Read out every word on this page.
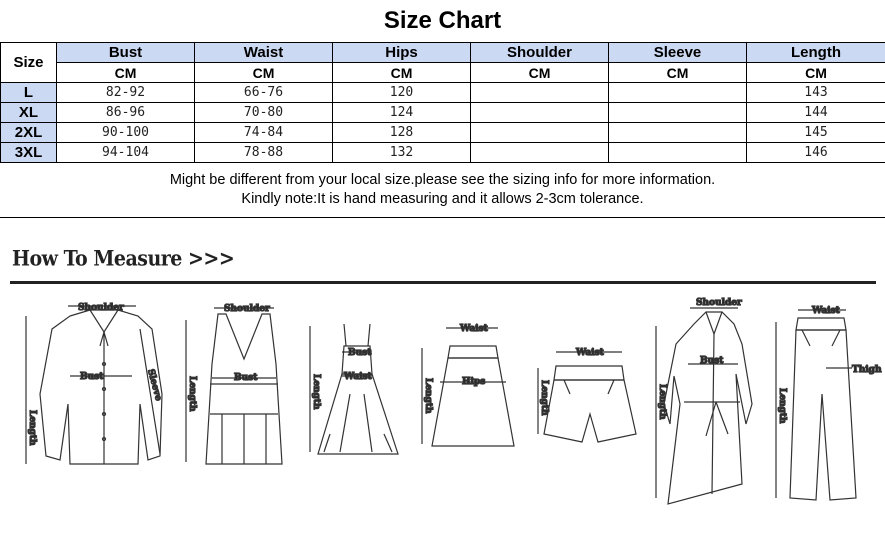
Size Chart
Size	Bust	Waist	Hips	Shoulder	Sleeve	Length
	CM	CM	CM	CM	CM	CM
L	82-92	66-76	120			143
XL	86-96	70-80	124			144
2XL	90-100	74-84	128			145
3XL	94-104	78-88	132			146
Might be different from your local size.please see the sizing info for more information.
Kindly note:It is hand measuring and it allows 2-3cm tolerance.
How To Measure >>>
Shoulder
Bust
Length
Sleeve
Shoulder
Bust
Length
Bust
Waist
Length
Waist
Hips
Length
Waist
Length
Shoulder
Bust
Length
Waist
Thigh
Length
